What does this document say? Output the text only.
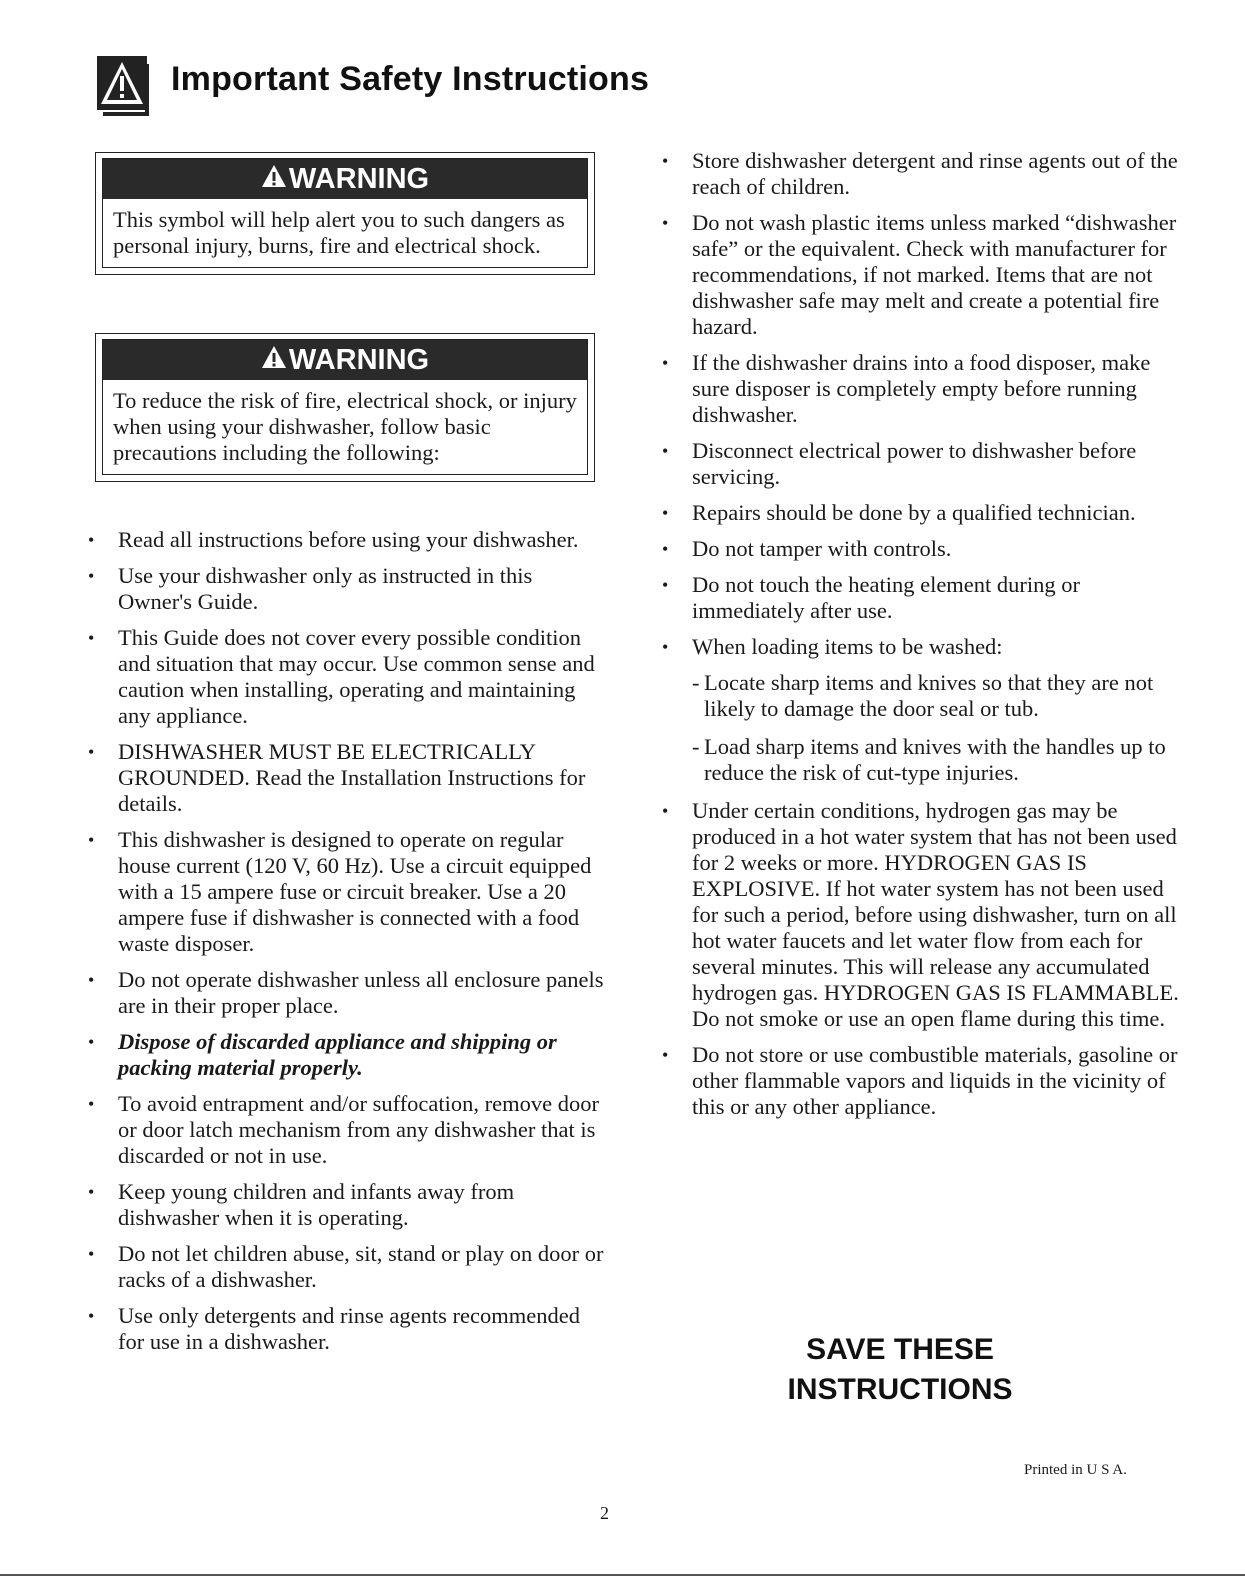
Important Safety Instructions
WARNING
This symbol will help alert you to such dangers as personal injury, burns, fire and electrical shock.
WARNING
To reduce the risk of fire, electrical shock, or injury when using your dishwasher, follow basic precautions including the following:
•	Read all instructions before using your dishwasher.
•	Use your dishwasher only as instructed in this Owner's Guide.
•	This Guide does not cover every possible condition and situation that may occur. Use common sense and caution when installing, operating and maintaining any appliance.
•	DISHWASHER MUST BE ELECTRICALLY GROUNDED. Read the Installation Instructions for details.
•	This dishwasher is designed to operate on regular house current (120 V, 60 Hz). Use a circuit equipped with a 15 ampere fuse or circuit breaker. Use a 20 ampere fuse if dishwasher is connected with a food waste disposer.
•	Do not operate dishwasher unless all enclosure panels are in their proper place.
•	Dispose of discarded appliance and shipping or packing material properly.
•	To avoid entrapment and/or suffocation, remove door or door latch mechanism from any dishwasher that is discarded or not in use.
•	Keep young children and infants away from dishwasher when it is operating.
•	Do not let children abuse, sit, stand or play on door or racks of a dishwasher.
•	Use only detergents and rinse agents recommended for use in a dishwasher.
•	Store dishwasher detergent and rinse agents out of the reach of children.
•	Do not wash plastic items unless marked “dishwasher safe” or the equivalent. Check with manufacturer for recommendations, if not marked. Items that are not dishwasher safe may melt and create a potential fire hazard.
•	If the dishwasher drains into a food disposer, make sure disposer is completely empty before running dishwasher.
•	Disconnect electrical power to dishwasher before servicing.
•	Repairs should be done by a qualified technician.
•	Do not tamper with controls.
•	Do not touch the heating element during or immediately after use.
•	When loading items to be washed:
- Locate sharp items and knives so that they are not likely to damage the door seal or tub.
- Load sharp items and knives with the handles up to reduce the risk of cut-type injuries.
•	Under certain conditions, hydrogen gas may be produced in a hot water system that has not been used for 2 weeks or more. HYDROGEN GAS IS EXPLOSIVE. If hot water system has not been used for such a period, before using dishwasher, turn on all hot water faucets and let water flow from each for several minutes. This will release any accumulated hydrogen gas. HYDROGEN GAS IS FLAMMABLE. Do not smoke or use an open flame during this time.
•	Do not store or use combustible materials, gasoline or other flammable vapors and liquids in the vicinity of this or any other appliance.
SAVE THESE
INSTRUCTIONS
Printed in U S A.
2
